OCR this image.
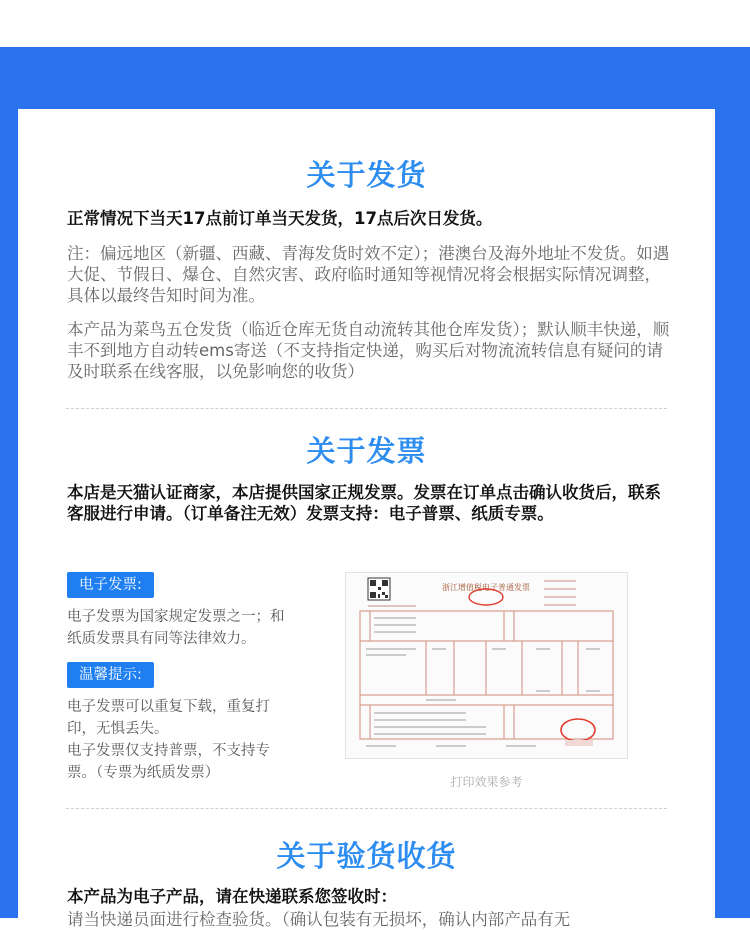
关于发货
正常情况下当天17点前订单当天发货，17点后次日发货。
注：偏远地区（新疆、西藏、青海发货时效不定）；港澳台及海外地址不发货。如遇大促、节假日、爆仓、自然灾害、政府临时通知等视情况将会根据实际情况调整，具体以最终告知时间为准。
本产品为菜鸟五仓发货（临近仓库无货自动流转其他仓库发货）；默认顺丰快递，顺丰不到地方自动转ems寄送（不支持指定快递，购买后对物流流转信息有疑问的请及时联系在线客服，以免影响您的收货）
关于发票
本店是天猫认证商家，本店提供国家正规发票。发票在订单点击确认收货后，联系客服进行申请。（订单备注无效）发票支持：电子普票、纸质专票。
电子发票:
电子发票为国家规定发票之一；和纸质发票具有同等法律效力。
温馨提示:
电子发票可以重复下载，重复打印，无惧丢失。
电子发票仅支持普票，不支持专票。（专票为纸质发票）
浙江增值税电子普通发票
打印效果参考
关于验货收货
本产品为电子产品，请在快递联系您签收时：
请当快递员面进行检查验货。（确认包装有无损坏，确认内部产品有无
